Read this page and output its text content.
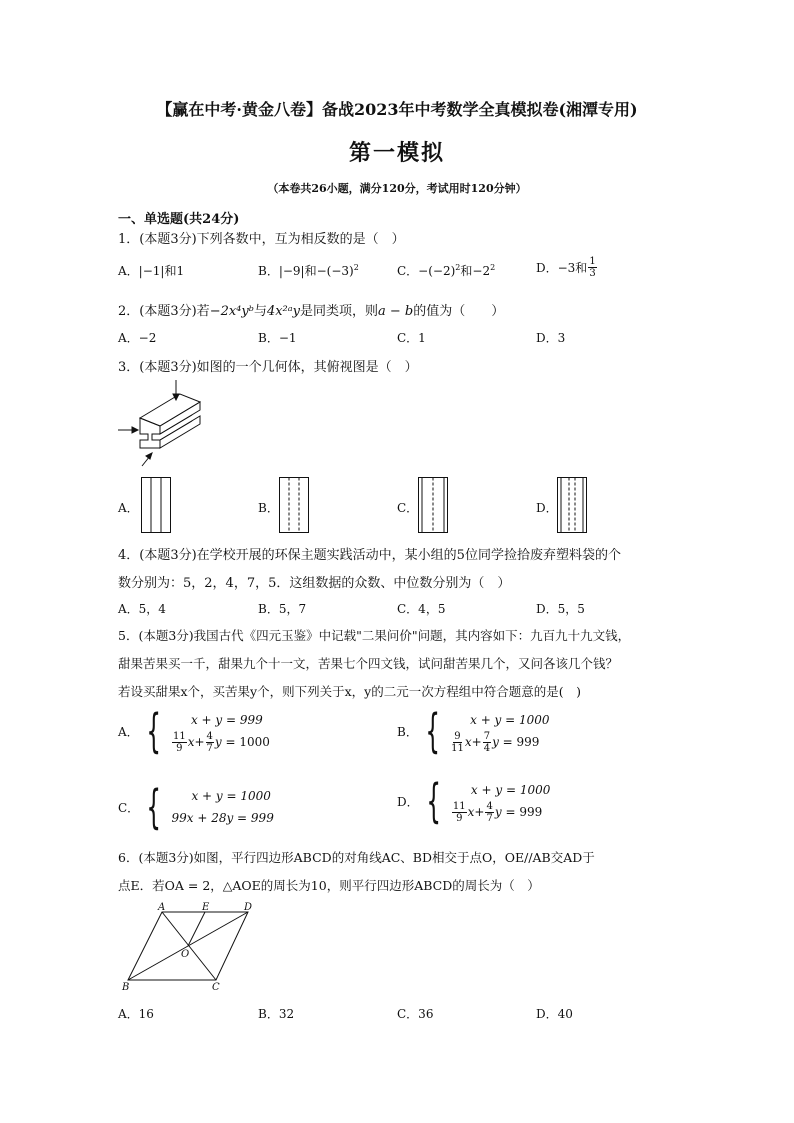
【赢在中考·黄金八卷】备战2023年中考数学全真模拟卷(湘潭专用)
第一模拟
（本卷共26小题，满分120分，考试用时120分钟）
一、单选题(共24分)
1．(本题3分)下列各数中，互为相反数的是（　）
A．|−1|和1	B．|−9|和$-(-3)^2$	C．$-(-2)^2$和$-2^2$	D．−3和 $\frac{1}{3}$
2．(本题3分)若−2x⁴yᵇ与4x²ᵃy是同类项，则a − b的值为（　　）
A．−2	B．−1	C．1	D．3
3．(本题3分)如图的一个几何体，其俯视图是（　）
A．	B．	C．	D．
4．(本题3分)在学校开展的环保主题实践活动中，某小组的5位同学捡拾废弃塑料袋的个
数分别为：5，2，4，7，5．这组数据的众数、中位数分别为（　）
A．5，4	B．5，7	C．4，5	D．5，5
5．(本题3分)我国古代《四元玉鉴》中记载"二果问价"问题，其内容如下：九百九十九文钱，
甜果苦果买一千，甜果九个十一文，苦果七个四文钱，试问甜苦果几个，又问各该几个钱？
若设买甜果x个，买苦果y个，则下列关于x，y的二元一次方程组中符合题意的是(　)
A． {	x + y = 999
$\frac{11}{9}$ $x + \frac{4}{7}$ y
= 1000
B． {	x + y = 1000
$\frac{9}{11}$ $x + \frac{7}{4}$ y
= 999
C． {	x + y = 1000
99x + 28y = 999
D． {	x + y = 1000
$\frac{11}{9}$ $x + \frac{4}{7}$ y
= 999
6．(本题3分)如图，平行四边形ABCD的对角线AC、BD相交于点O，OE//AB交AD于
点E．若OA = 2，△AOE的周长为10，则平行四边形ABCD的周长为（　）
A	E	D
O
B	C
A．16	B．32	C．36	D．40
